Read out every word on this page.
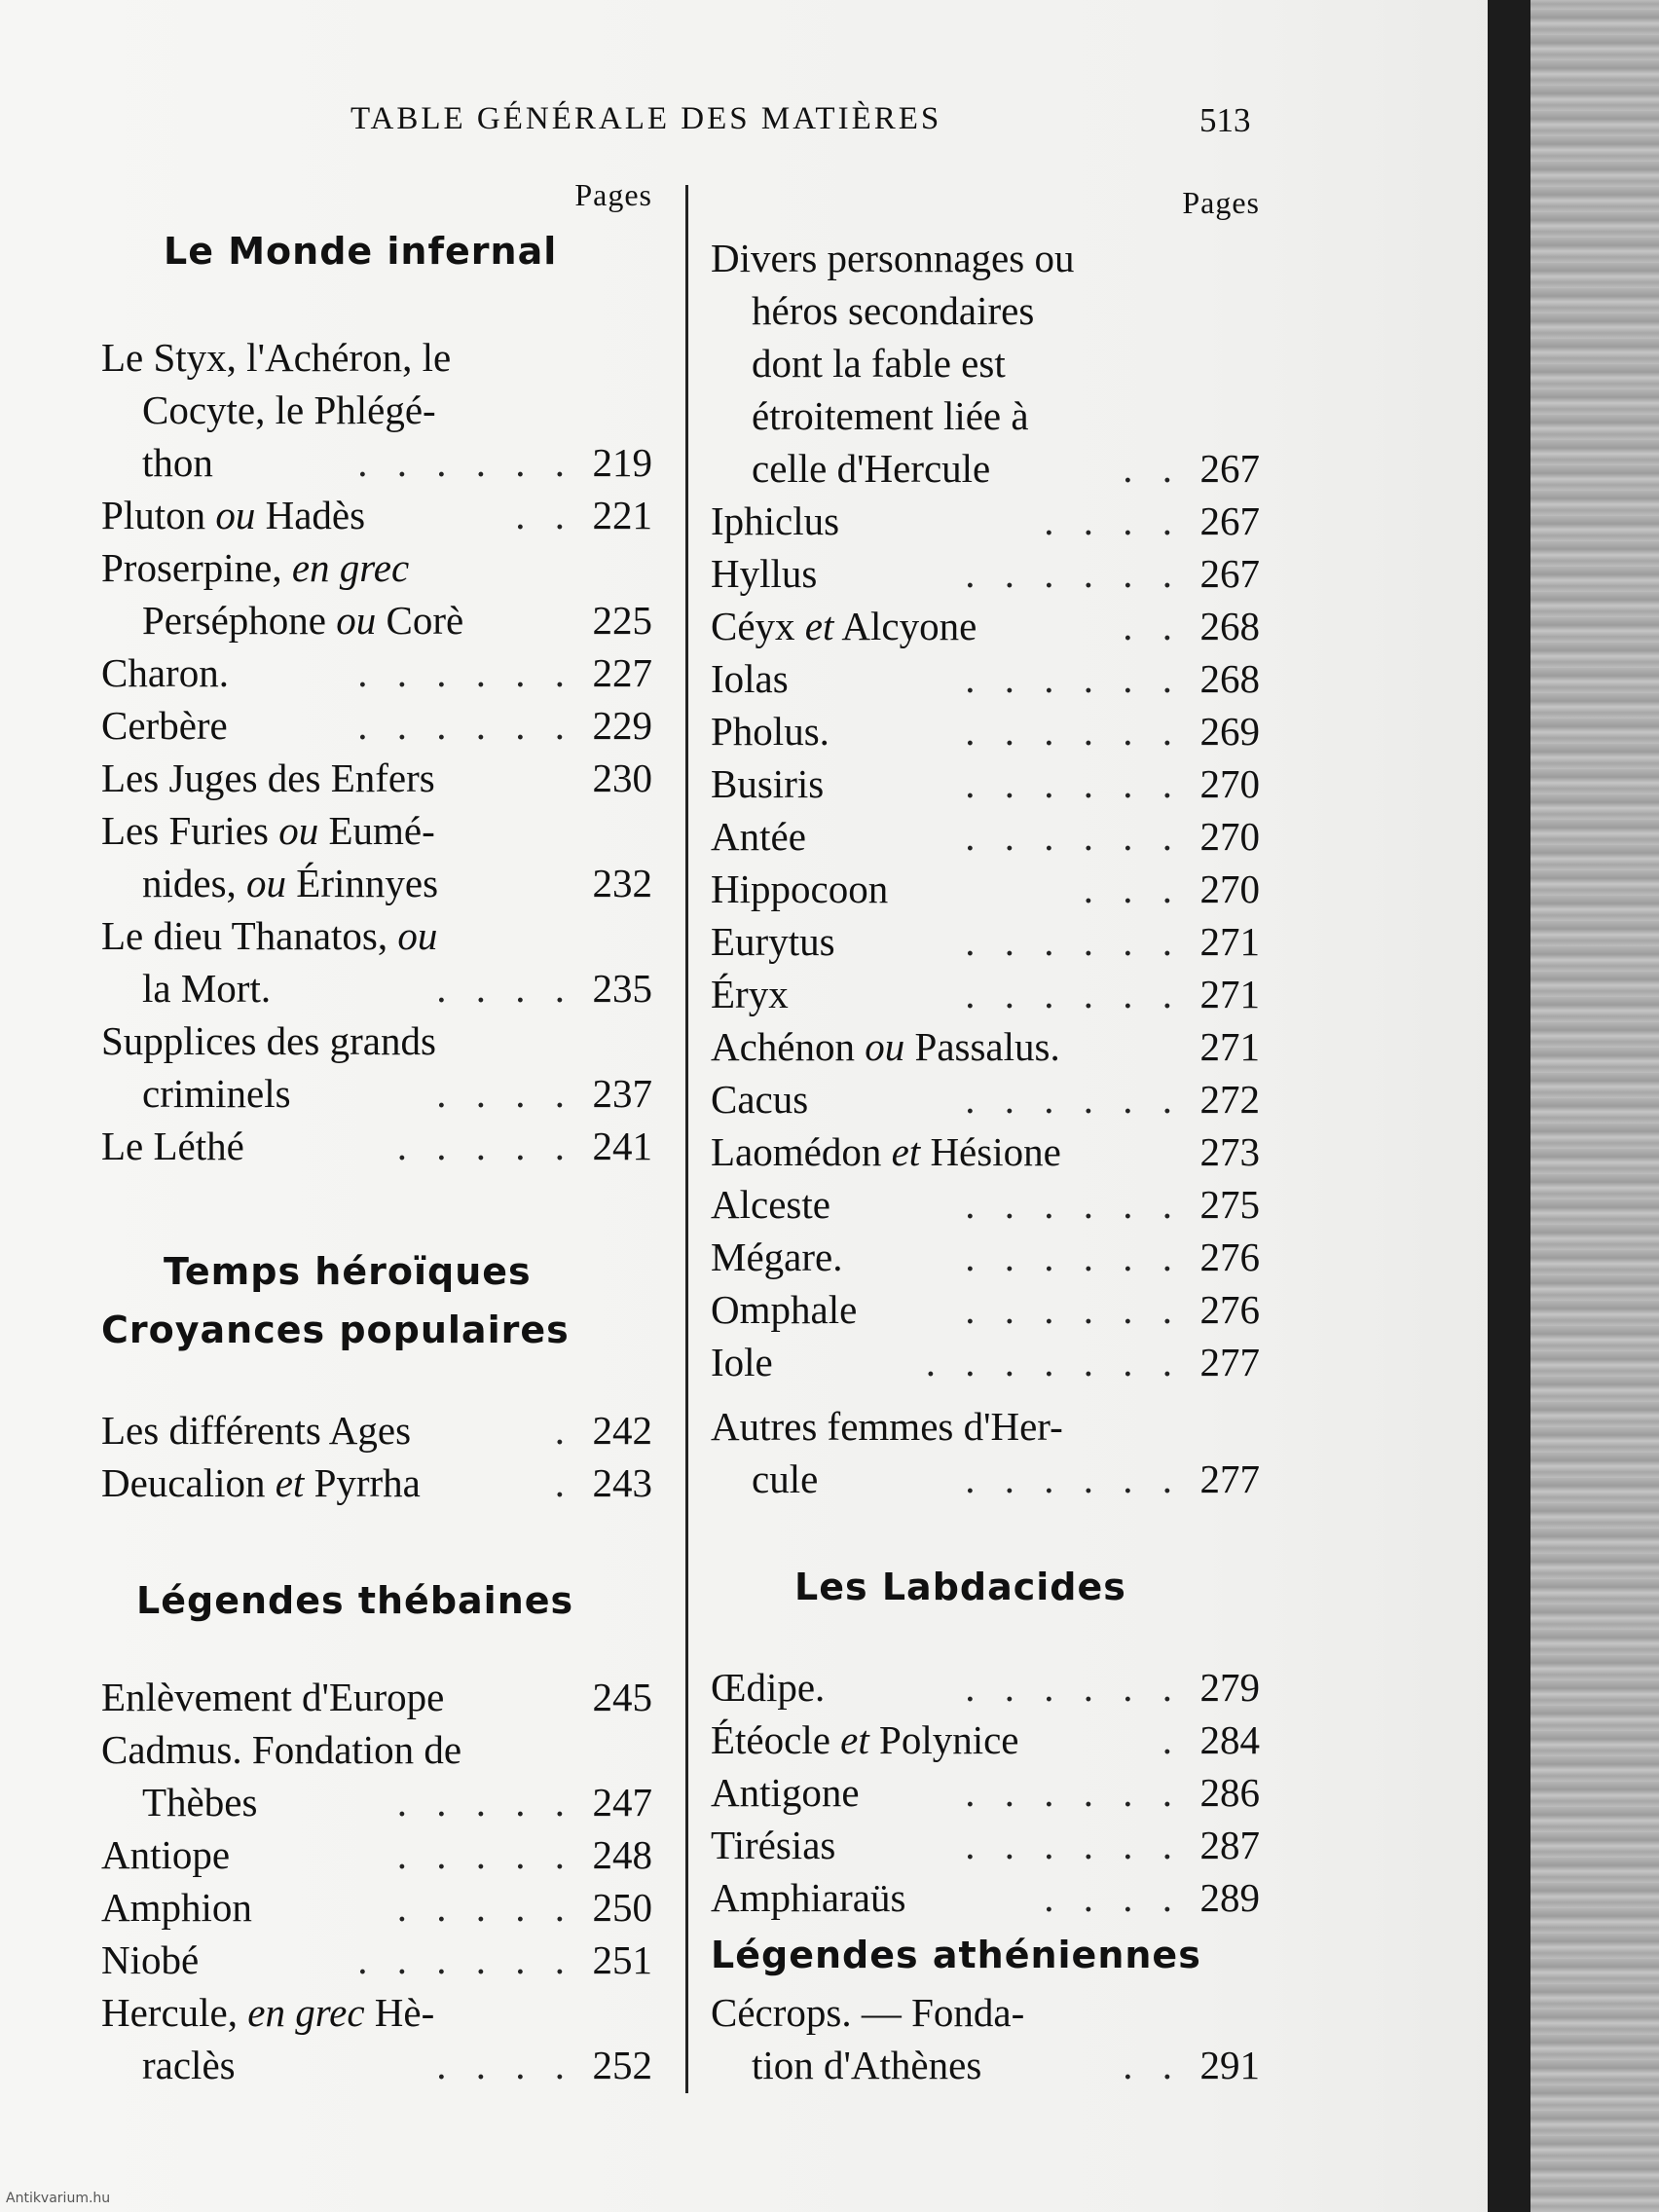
TABLE GÉNÉRALE DES MATIÈRES	513
Pages
Le Monde infernal
Le Styx, l'Achéron, le
Cocyte, le Phlégé-
thon	. . . . . . 219
Pluton ou Hadès	. . 221
Proserpine, en grec
Perséphone ou Corè	225
Charon.	. . . . . . 227
Cerbère	. . . . . . 229
Les Juges des Enfers	230
Les Furies ou Eumé-
nides, ou Érinnyes	232
Le dieu Thanatos, ou
la Mort.	. . . . 235
Supplices des grands
criminels	. . . . 237
Le Léthé	. . . . . 241
Temps héroïques
Croyances populaires
Les différents Ages	. 242
Deucalion et Pyrrha	. 243
Légendes thébaines
Enlèvement d'Europe	245
Cadmus. Fondation de
Thèbes	. . . . . 247
Antiope	. . . . . 248
Amphion	. . . . . 250
Niobé	. . . . . . 251
Hercule, en grec Hè-
raclès	. . . . 252
Pages
Divers personnages ou
héros secondaires
dont la fable est
étroitement liée à
celle d'Hercule	. . 267
Iphiclus	. . . . 267
Hyllus	. . . . . . 267
Céyx et Alcyone	. . 268
Iolas	. . . . . . 268
Pholus.	. . . . . . 269
Busiris	. . . . . . 270
Antée	. . . . . . 270
Hippocoon	. . . 270
Eurytus	. . . . . . 271
Éryx	. . . . . . 271
Achénon ou Passalus.	271
Cacus	. . . . . . 272
Laomédon et Hésione	273
Alceste	. . . . . . 275
Mégare.	. . . . . . 276
Omphale	. . . . . . 276
Iole	. . . . . . . 277
Autres femmes d'Her-
cule	. . . . . . 277
Les Labdacides
Œdipe.	. . . . . . 279
Étéocle et Polynice	. 284
Antigone	. . . . . . 286
Tirésias	. . . . . . 287
Amphiaraüs	. . . . 289
Légendes athéniennes
Cécrops. — Fonda-
tion d'Athènes	. . 291
Antikvarium.hu
